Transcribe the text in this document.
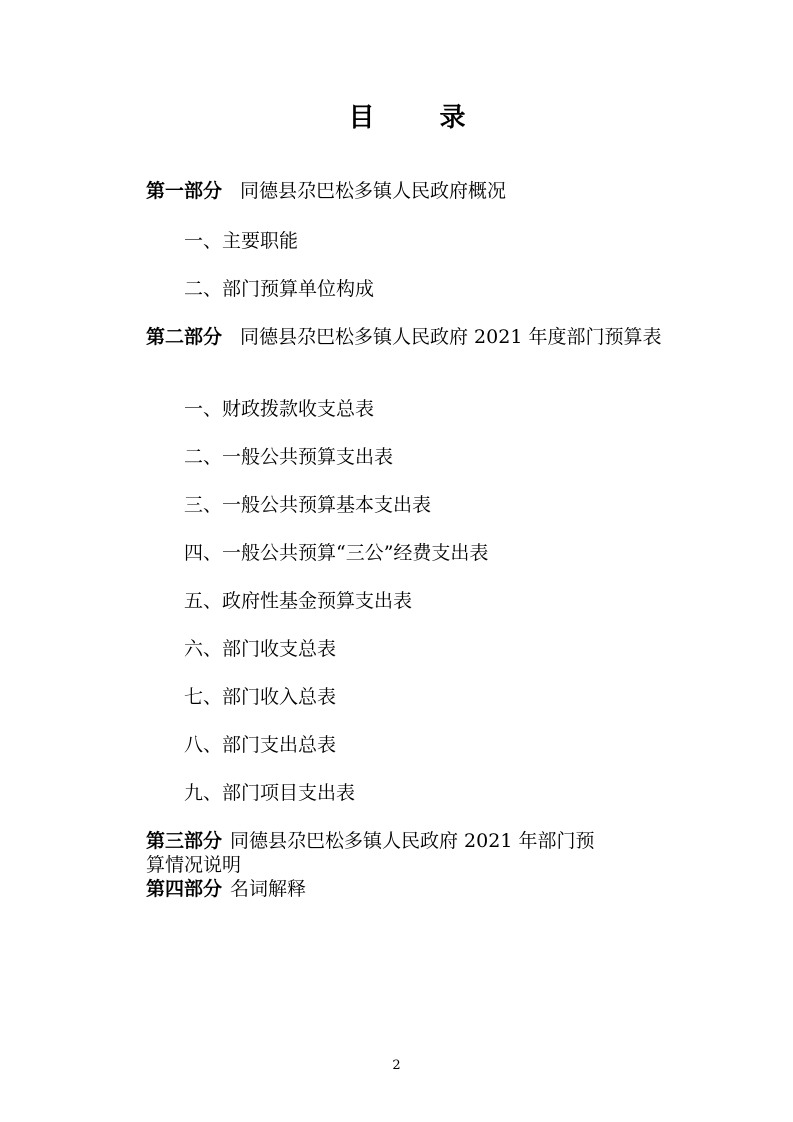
目 录
第一部分 同德县尕巴松多镇人民政府概况
一、主要职能
二、部门预算单位构成
第二部分 同德县尕巴松多镇人民政府 2021 年度部门预算表
一、财政拨款收支总表
二、一般公共预算支出表
三、一般公共预算基本支出表
四、一般公共预算“三公”经费支出表
五、政府性基金预算支出表
六、部门收支总表
七、部门收入总表
八、部门支出总表
九、部门项目支出表
第三部分 同德县尕巴松多镇人民政府 2021 年部门预算情况说明
第四部分 名词解释
2
